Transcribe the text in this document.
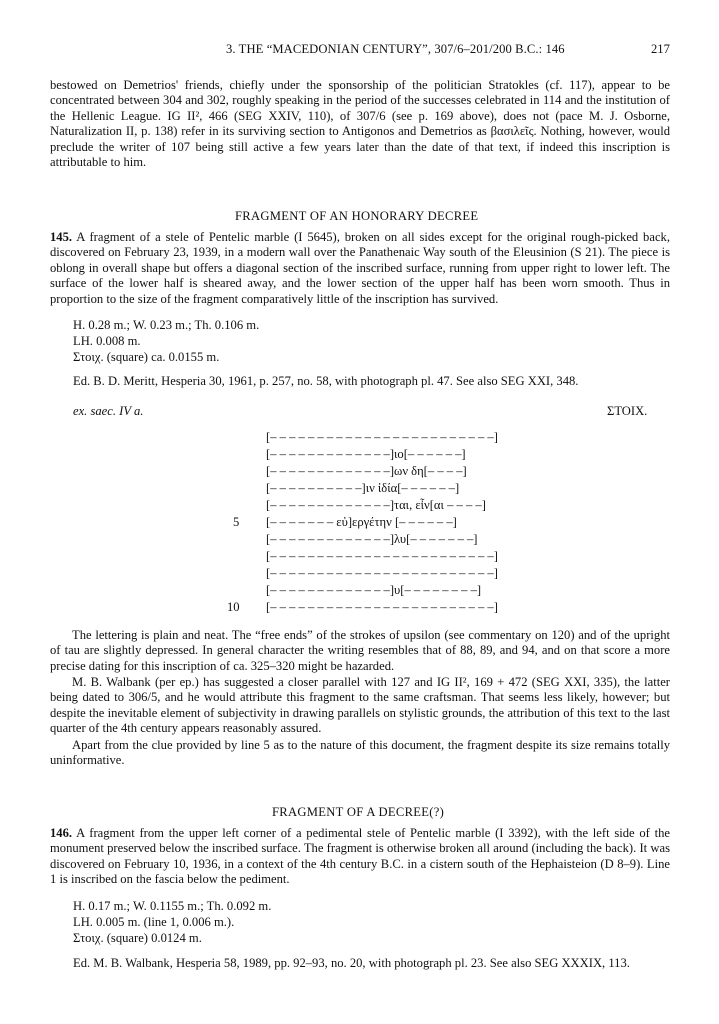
3. THE “MACEDONIAN CENTURY”, 307/6–201/200 B.C.: 146	217

bestowed on Demetrios' friends, chiefly under the sponsorship of the politician Stratokles (cf. 117), appear to be concentrated between 304 and 302, roughly speaking in the period of the successes celebrated in 114 and the institution of the Hellenic League. IG II², 466 (SEG XXIV, 110), of 307/6 (see p. 169 above), does not (pace M. J. Osborne, Naturalization II, p. 138) refer in its surviving section to Antigonos and Demetrios as βασιλεῖς. Nothing, however, would preclude the writer of 107 being still active a few years later than the date of that text, if indeed this inscription is attributable to him.

FRAGMENT OF AN HONORARY DECREE

145. A fragment of a stele of Pentelic marble (I 5645), broken on all sides except for the original rough-picked back, discovered on February 23, 1939, in a modern wall over the Panathenaic Way south of the Eleusinion (S 21). The piece is oblong in overall shape but offers a diagonal section of the inscribed surface, running from upper right to lower left. The surface of the lower half is sheared away, and the lower section of the upper half has been worn smooth. Thus in proportion to the size of the fragment comparatively little of the inscription has survived.

H. 0.28 m.; W. 0.23 m.; Th. 0.106 m.
LH. 0.008 m.
Στοιχ. (square) ca. 0.0155 m.
Ed. B. D. Meritt, Hesperia 30, 1961, p. 257, no. 58, with photograph pl. 47. See also SEG XXI, 348.
ex. saec. IV a.	ΣΤΟΙΧ.
[– – – – – – – – – – – – – – – – – – – – – – – –]
[– – – – – – – – – – – – –]ιο[– – – – – –]
[– – – – – – – – – – – – –]ων δη[– – – –]
[– – – – – – – – – –]ιν ἰδία[– – – – – –]
[– – – – – – – – – – – – –]ται, εἶν[αι – – – –]
[– – – – – – – εὐ]εργέτην [– – – – – –]
[– – – – – – – – – – – – –]λυ[– – – – – – –]
[– – – – – – – – – – – – – – – – – – – – – – – –]
[– – – – – – – – – – – – – – – – – – – – – – – –]
[– – – – – – – – – – – – –]υ[– – – – – – – –]
[– – – – – – – – – – – – – – – – – – – – – – – –]
5
10

The lettering is plain and neat. The “free ends” of the strokes of upsilon (see commentary on 120) and of the upright of tau are slightly depressed. In general character the writing resembles that of 88, 89, and 94, and on that score a more precise dating for this inscription of ca. 325–320 might be hazarded.

M. B. Walbank (per ep.) has suggested a closer parallel with 127 and IG II², 169 + 472 (SEG XXI, 335), the latter being dated to 306/5, and he would attribute this fragment to the same craftsman. That seems less likely, however; but despite the inevitable element of subjectivity in drawing parallels on stylistic grounds, the attribution of this text to the last quarter of the 4th century appears reasonably assured.

Apart from the clue provided by line 5 as to the nature of this document, the fragment despite its size remains totally uninformative.

FRAGMENT OF A DECREE(?)

146. A fragment from the upper left corner of a pedimental stele of Pentelic marble (I 3392), with the left side of the monument preserved below the inscribed surface. The fragment is otherwise broken all around (including the back). It was discovered on February 10, 1936, in a context of the 4th century B.C. in a cistern south of the Hephaisteion (D 8–9). Line 1 is inscribed on the fascia below the pediment.

H. 0.17 m.; W. 0.1155 m.; Th. 0.092 m.
LH. 0.005 m. (line 1, 0.006 m.).
Στοιχ. (square) 0.0124 m.
Ed. M. B. Walbank, Hesperia 58, 1989, pp. 92–93, no. 20, with photograph pl. 23. See also SEG XXXIX, 113.
